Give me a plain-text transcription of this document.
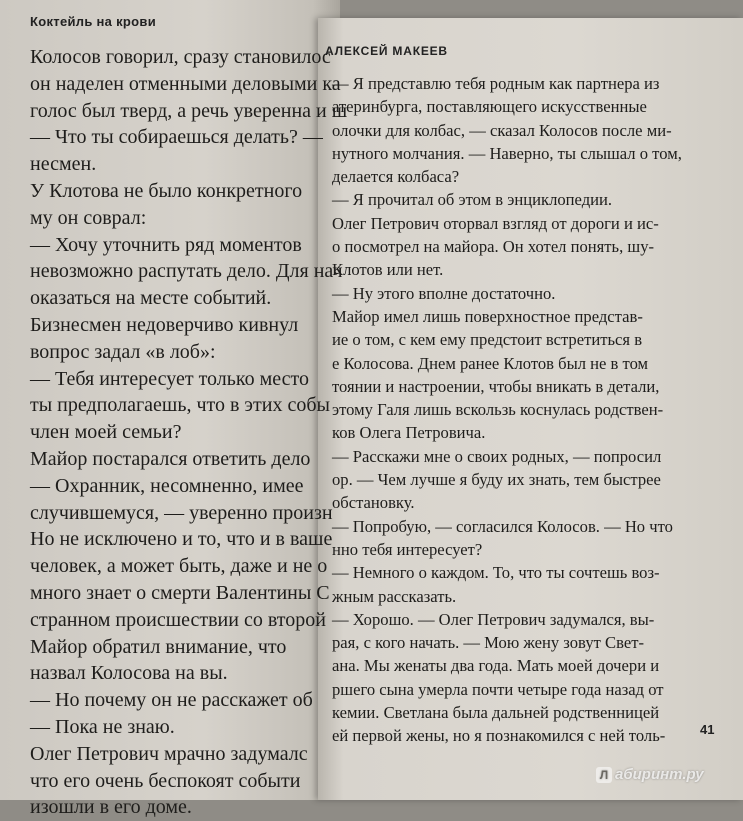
Коктейль на крови
Колосов говорил, сразу становилос
он наделен отменными деловыми ка
голос был тверд, а речь уверенна и ш
— Что ты собираешься делать? —
несмен.
У Клотова не было конкретного
му он соврал:
— Хочу уточнить ряд моментов
невозможно распутать дело. Для нач
оказаться на месте событий.
Бизнесмен недоверчиво кивнул
вопрос задал «в лоб»:
— Тебя интересует только место
ты предполагаешь, что в этих собы
член моей семьи?
Майор постарался ответить дело
— Охранник, несомненно, имее
случившемуся, — уверенно произн
Но не исключено и то, что и в ваше
человек, а может быть, даже и не о
много знает о смерти Валентины С
странном происшествии со второй
Майор обратил внимание, что
назвал Колосова на вы.
— Но почему он не расскажет об
— Пока не знаю.
Олег Петрович мрачно задумалс
что его очень беспокоят событи
изошли в его доме.
АЛЕКСЕЙ МАКЕЕВ
— Я представлю тебя родным как партнера из
атеринбурга, поставляющего искусственные
олочки для колбас, — сказал Колосов после ми-
нутного молчания. — Наверно, ты слышал о том,
делается колбаса?
— Я прочитал об этом в энциклопедии.
Олег Петрович оторвал взгляд от дороги и ис-
о посмотрел на майора. Он хотел понять, шу-
Клотов или нет.
— Ну этого вполне достаточно.
Майор имел лишь поверхностное представ-
ие о том, с кем ему предстоит встретиться в
е Колосова. Днем ранее Клотов был не в том
тоянии и настроении, чтобы вникать в детали,
этому Галя лишь вскользь коснулась родствен-
ков Олега Петровича.
— Расскажи мне о своих родных, — попросил
ор. — Чем лучше я буду их знать, тем быстрее
обстановку.
— Попробую, — согласился Колосов. — Но что
нно тебя интересует?
— Немного о каждом. То, что ты сочтешь воз-
жным рассказать.
— Хорошо. — Олег Петрович задумался, вы-
рая, с кого начать. — Мою жену зовут Свет-
ана. Мы женаты два года. Мать моей дочери и
ршего сына умерла почти четыре года назад от
кемии. Светлана была дальней родственницей
ей первой жены, но я познакомился с ней толь-	41
Л абиринт.ру
